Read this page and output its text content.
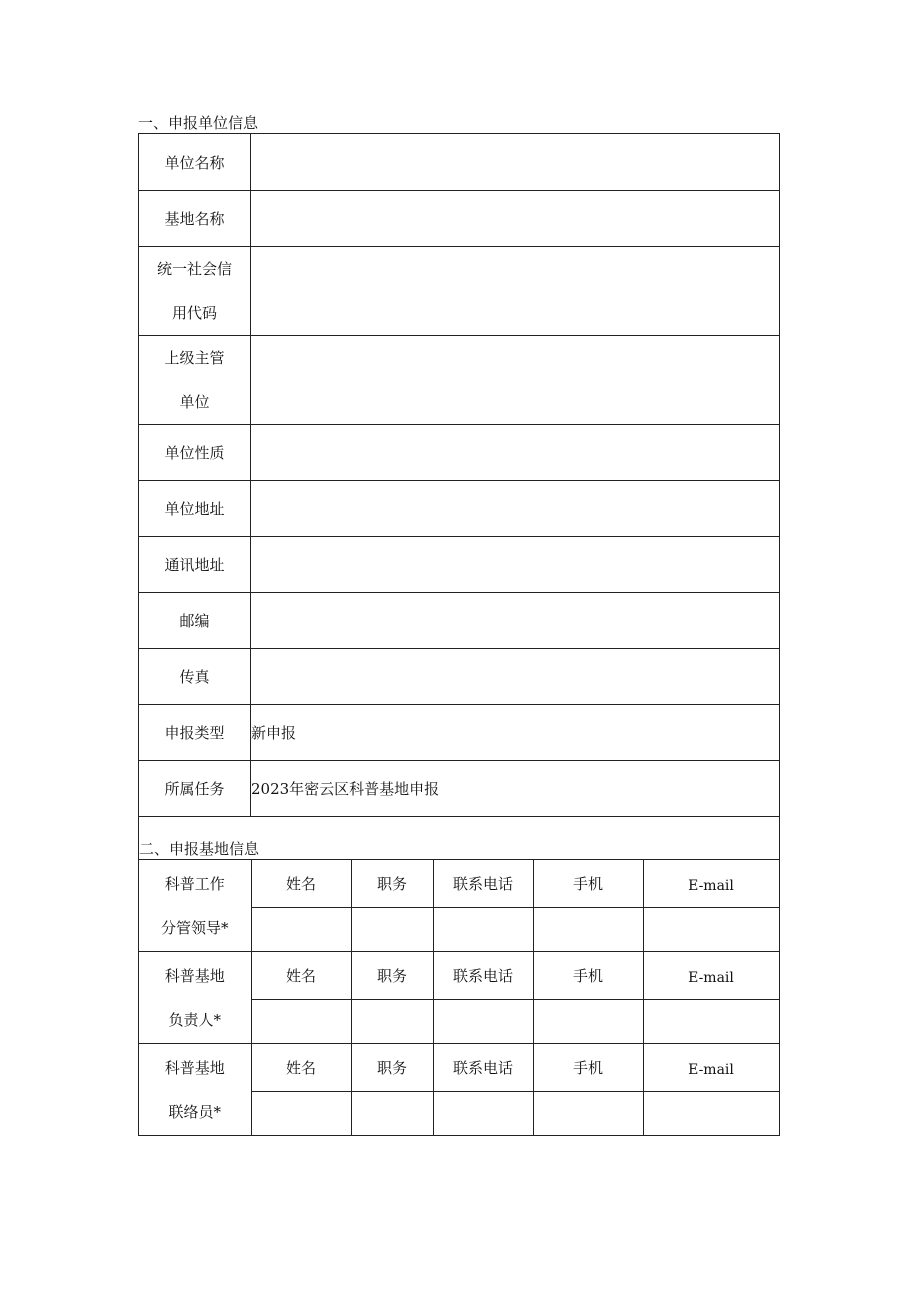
一、申报单位信息
单位名称	
基地名称	

统一社会信
用代码

上级主管
单位

单位性质	
单位地址	
通讯地址	
邮编	
传真	
申报类型	新申报
所属任务	2023年密云区科普基地申报

二、申报基地信息
科普工作
分管领导*
	姓名	职务	联系电话	手机	E-mail

科普基地
负责人*
	姓名	职务	联系电话	手机	E-mail

科普基地
联络员*
	姓名	职务	联系电话	手机	E-mail
